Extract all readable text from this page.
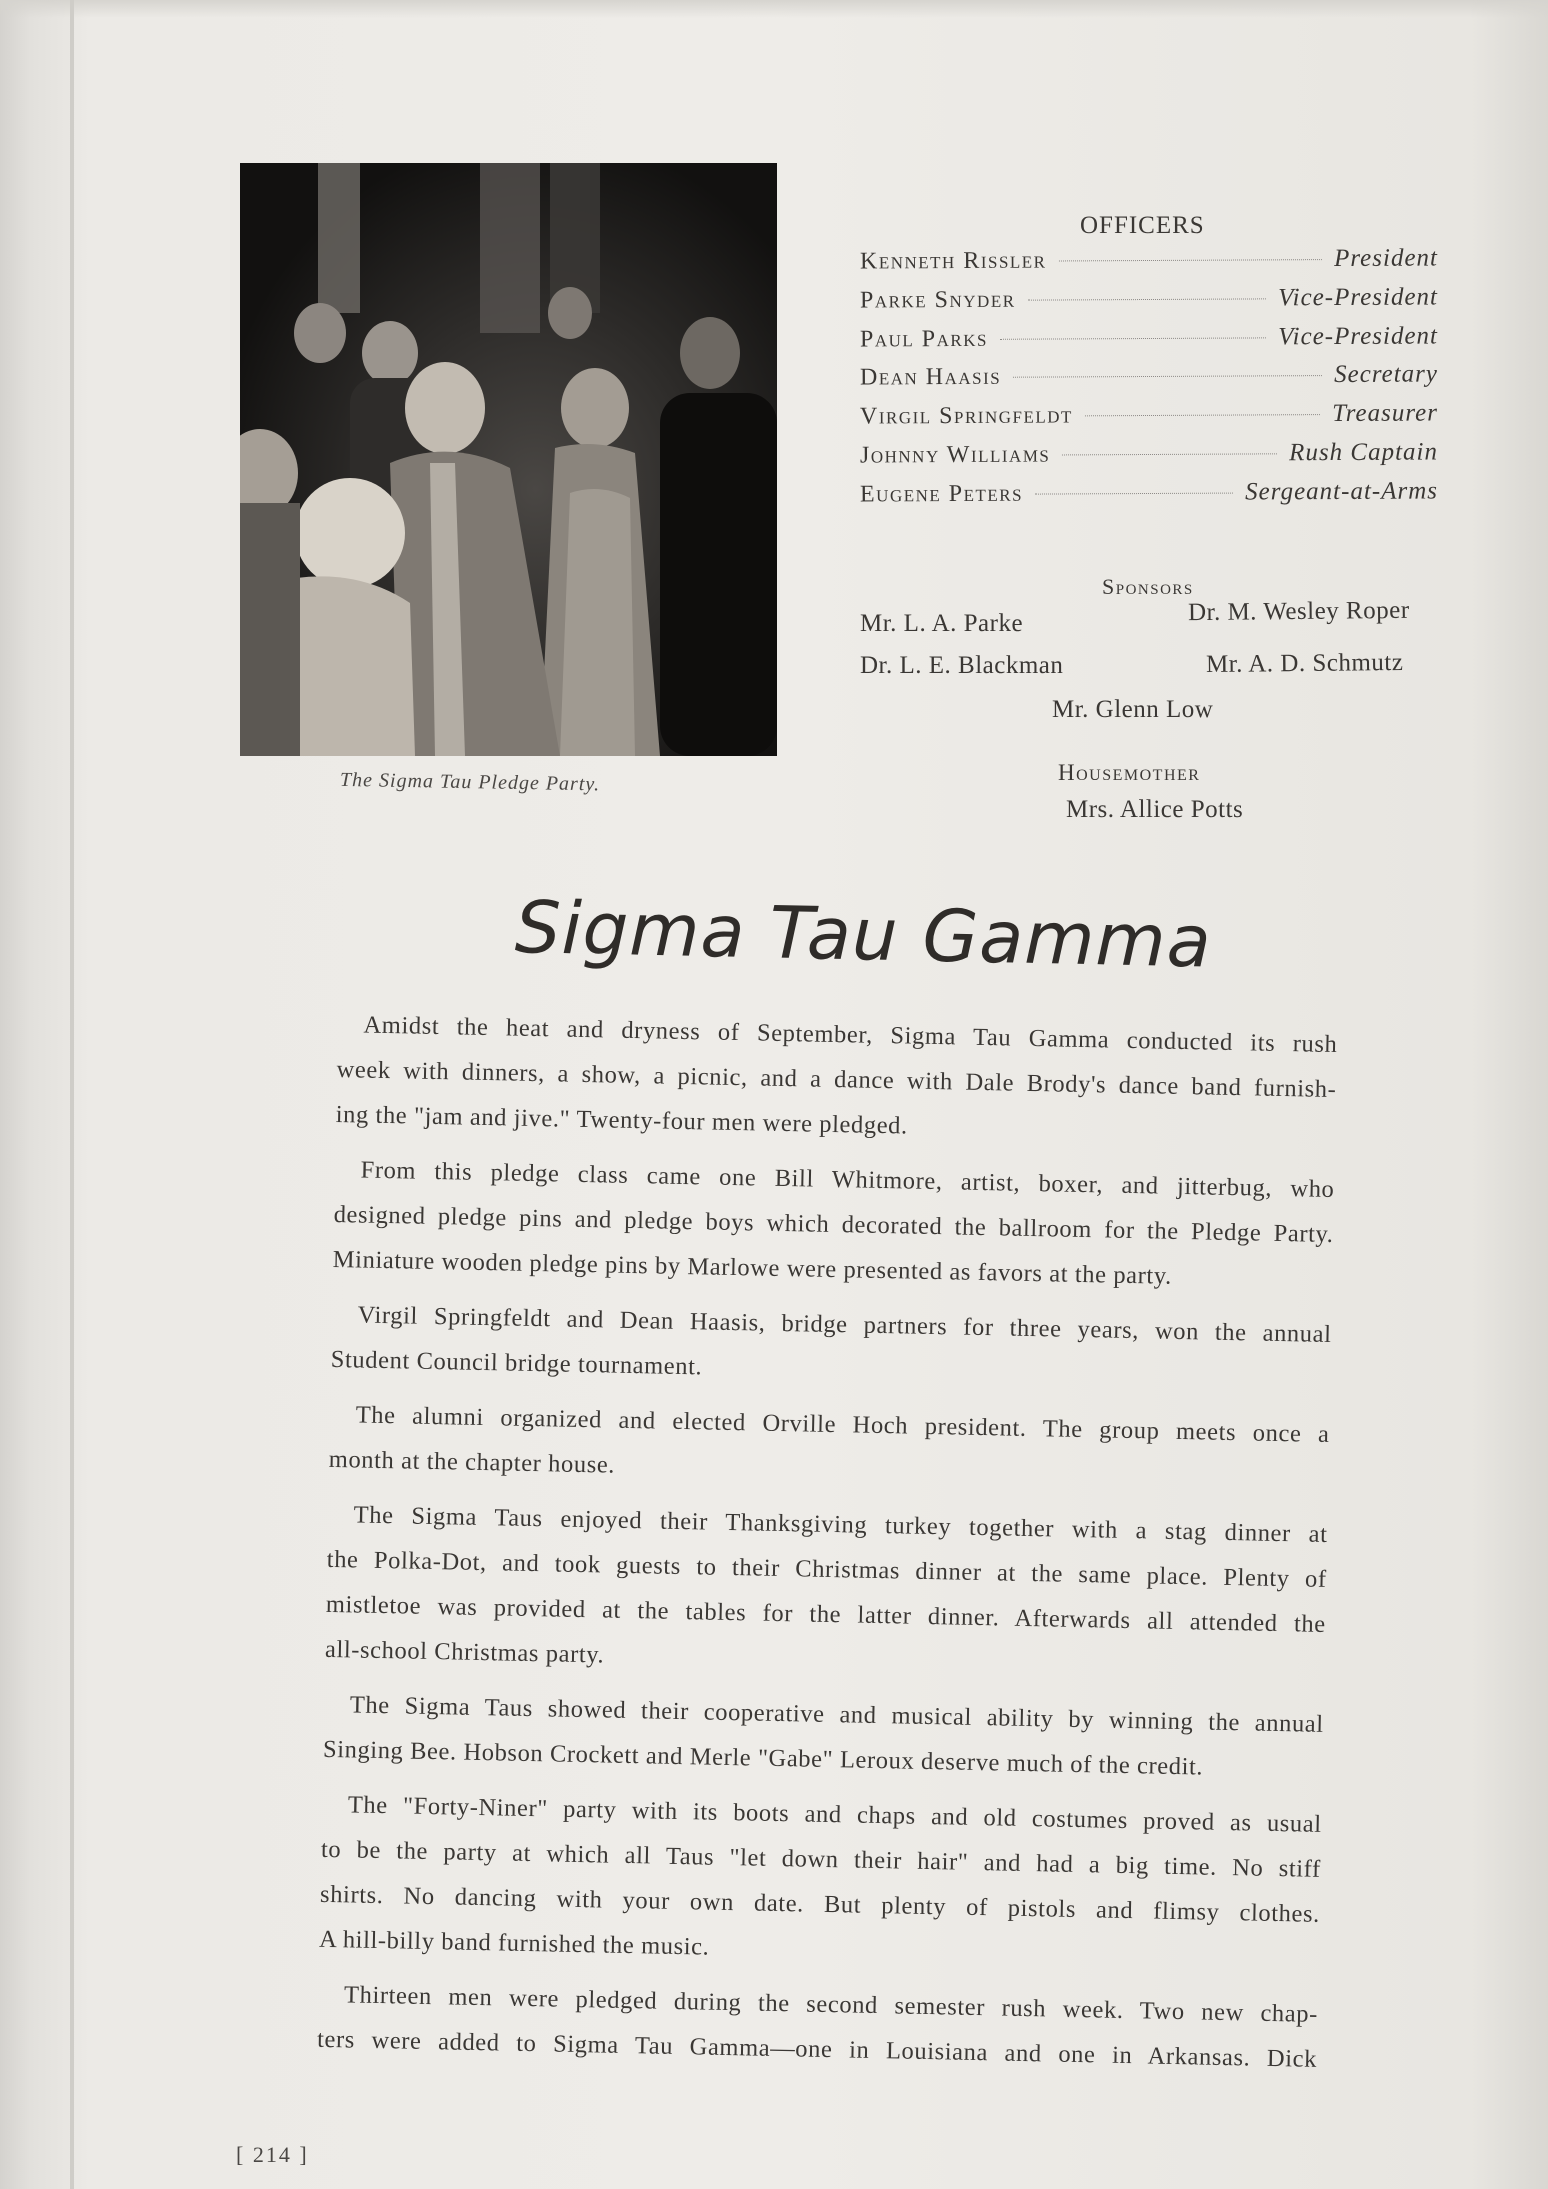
The Sigma Tau Pledge Party.
OFFICERS
Kenneth Rissler	President
Parke Snyder	Vice-President
Paul Parks	Vice-President
Dean Haasis	Secretary
Virgil Springfeldt	Treasurer
Johnny Williams	Rush Captain
Eugene Peters	Sergeant-at-Arms
Sponsors
Mr. L. A. Parke	Dr. M. Wesley Roper
Dr. L. E. Blackman	Mr. A. D. Schmutz
Mr. Glenn Low
Housemother
Mrs. Allice Potts
Sigma Tau Gamma
Amidst the heat and dryness of September, Sigma Tau Gamma conducted its rush
week with dinners, a show, a picnic, and a dance with Dale Brody's dance band furnish-
ing the "jam and jive." Twenty-four men were pledged.
From this pledge class came one Bill Whitmore, artist, boxer, and jitterbug, who
designed pledge pins and pledge boys which decorated the ballroom for the Pledge Party.
Miniature wooden pledge pins by Marlowe were presented as favors at the party.
Virgil Springfeldt and Dean Haasis, bridge partners for three years, won the annual
Student Council bridge tournament.
The alumni organized and elected Orville Hoch president. The group meets once a
month at the chapter house.
The Sigma Taus enjoyed their Thanksgiving turkey together with a stag dinner at
the Polka-Dot, and took guests to their Christmas dinner at the same place. Plenty of
mistletoe was provided at the tables for the latter dinner. Afterwards all attended the
all-school Christmas party.
The Sigma Taus showed their cooperative and musical ability by winning the annual
Singing Bee. Hobson Crockett and Merle "Gabe" Leroux deserve much of the credit.
The "Forty-Niner" party with its boots and chaps and old costumes proved as usual
to be the party at which all Taus "let down their hair" and had a big time. No stiff
shirts. No dancing with your own date. But plenty of pistols and flimsy clothes.
A hill-billy band furnished the music.
Thirteen men were pledged during the second semester rush week. Two new chap-
ters were added to Sigma Tau Gamma—one in Louisiana and one in Arkansas. Dick
[ 214 ]
